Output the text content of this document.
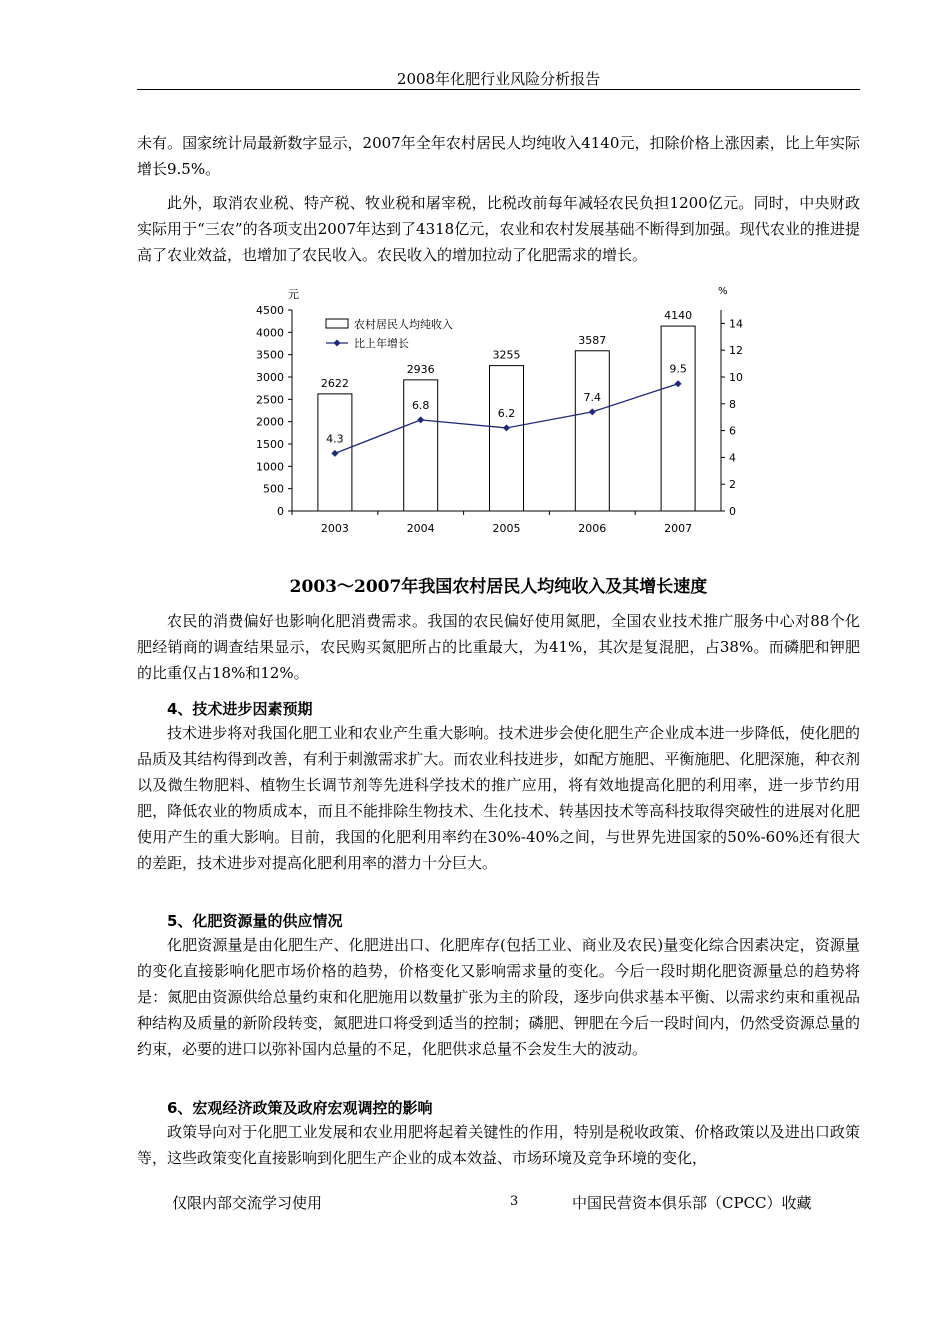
2008年化肥行业风险分析报告

未有。国家统计局最新数字显示，2007年全年农村居民人均纯收入4140元，扣除价格上涨因素，比上年实际增长9.5%。

此外，取消农业税、特产税、牧业税和屠宰税，比税改前每年减轻农民负担1200亿元。同时，中央财政实际用于“三农”的各项支出2007年达到了4318亿元，农业和农村发展基础不断得到加强。现代农业的推进提高了农业效益，也增加了农民收入。农民收入的增加拉动了化肥需求的增长。

0
500
1000
1500
2000
2500
3000
3500
4000
4500
0
2
4
6
8
10
12
14
元	%
2003	2004	2005	2006	2007
2622
2936
3255
3587
4140
4.3
6.8
6.2
7.4
9.5
农村居民人均纯收入
比上年增长
2003～2007年我国农村居民人均纯收入及其增长速度

农民的消费偏好也影响化肥消费需求。我国的农民偏好使用氮肥，全国农业技术推广服务中心对88个化肥经销商的调查结果显示，农民购买氮肥所占的比重最大，为41%，其次是复混肥，占38%。而磷肥和钾肥的比重仅占18%和12%。

4、技术进步因素预期

技术进步将对我国化肥工业和农业产生重大影响。技术进步会使化肥生产企业成本进一步降低，使化肥的品质及其结构得到改善，有利于刺激需求扩大。而农业科技进步，如配方施肥、平衡施肥、化肥深施，种衣剂以及微生物肥料、植物生长调节剂等先进科学技术的推广应用，将有效地提高化肥的利用率，进一步节约用肥，降低农业的物质成本，而且不能排除生物技术、生化技术、转基因技术等高科技取得突破性的进展对化肥使用产生的重大影响。目前，我国的化肥利用率约在30%-40%之间，与世界先进国家的50%-60%还有很大的差距，技术进步对提高化肥利用率的潜力十分巨大。

5、化肥资源量的供应情况

化肥资源量是由化肥生产、化肥进出口、化肥库存(包括工业、商业及农民)量变化综合因素决定，资源量的变化直接影响化肥市场价格的趋势，价格变化又影响需求量的变化。今后一段时期化肥资源量总的趋势将是：氮肥由资源供给总量约束和化肥施用以数量扩张为主的阶段，逐步向供求基本平衡、以需求约束和重视品种结构及质量的新阶段转变，氮肥进口将受到适当的控制；磷肥、钾肥在今后一段时间内，仍然受资源总量的约束，必要的进口以弥补国内总量的不足，化肥供求总量不会发生大的波动。

6、宏观经济政策及政府宏观调控的影响

政策导向对于化肥工业发展和农业用肥将起着关键性的作用，特别是税收政策、价格政策以及进出口政策等，这些政策变化直接影响到化肥生产企业的成本效益、市场环境及竞争环境的变化，

仅限内部交流学习使用	3	中国民营资本俱乐部（CPCC）收藏
